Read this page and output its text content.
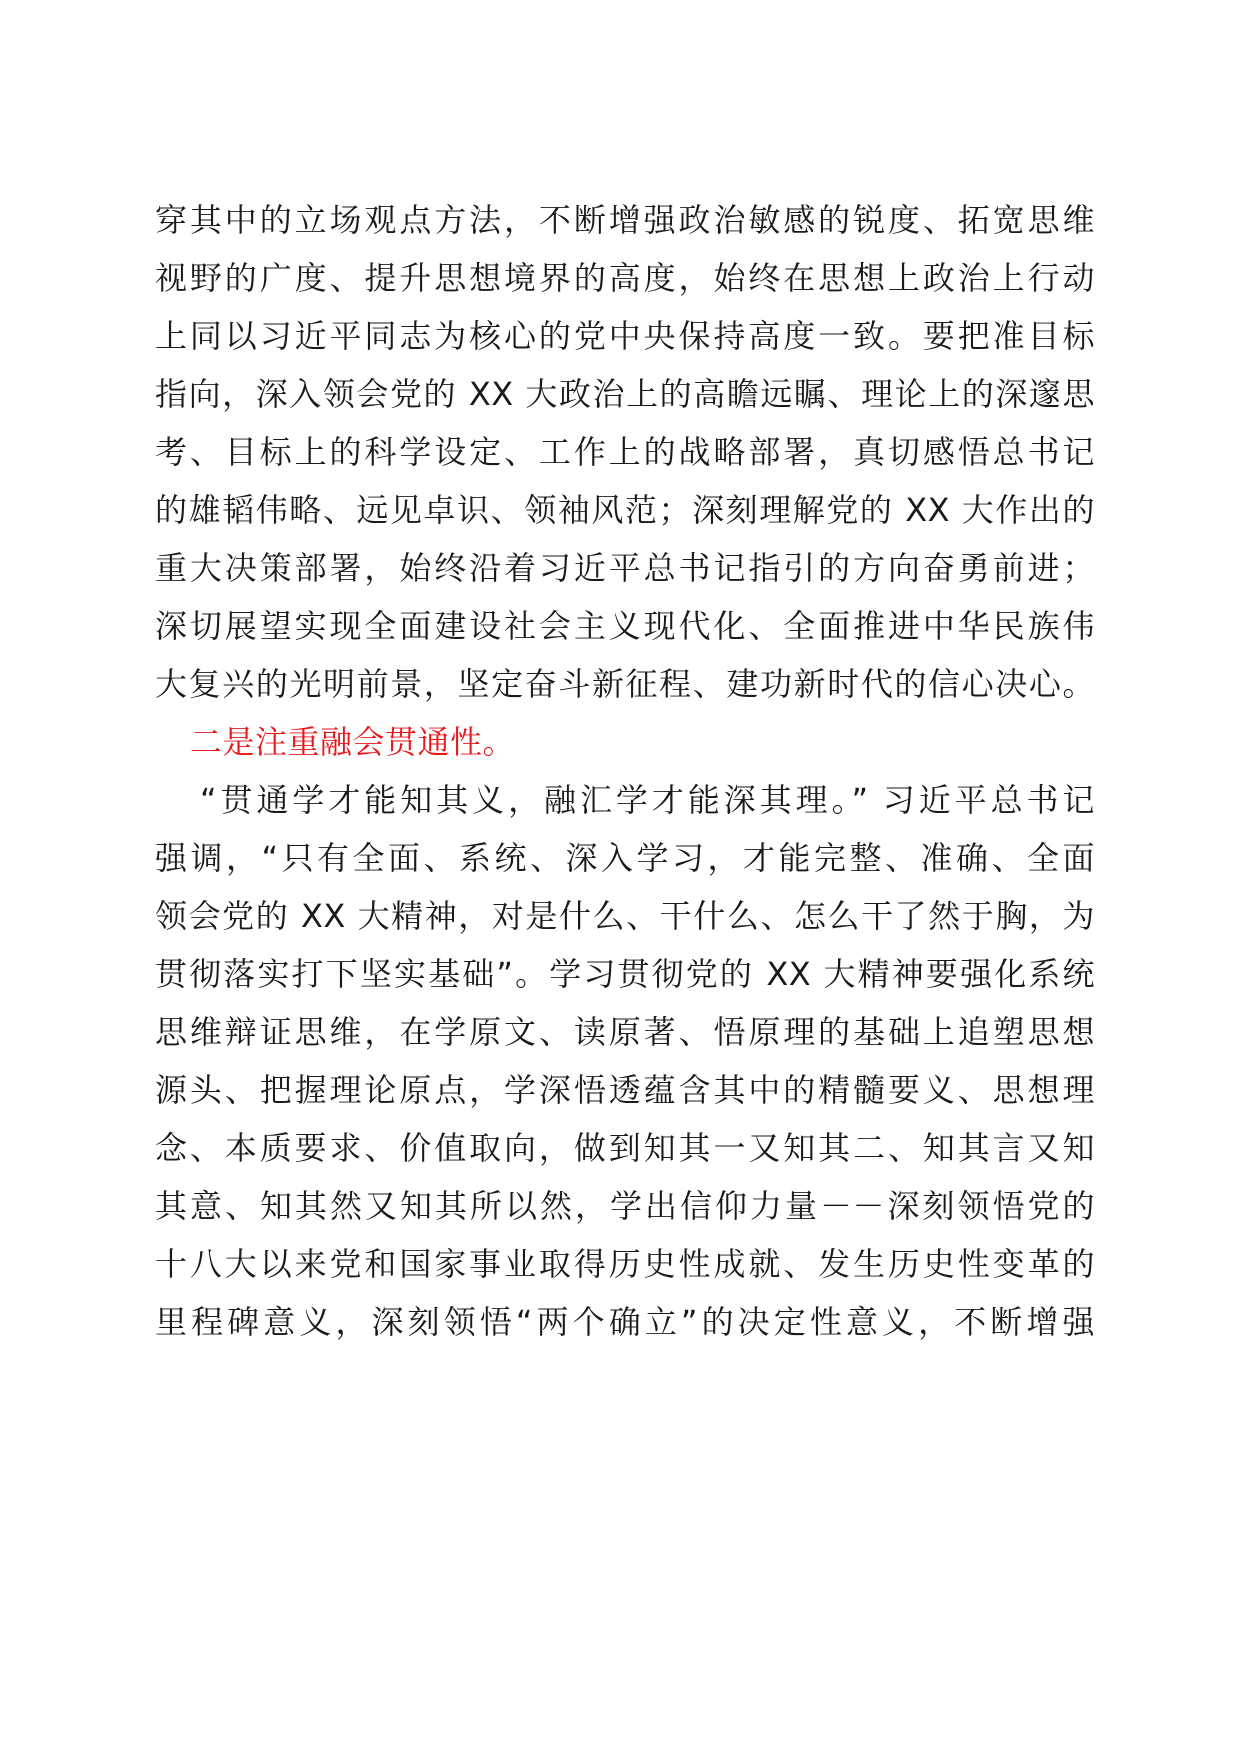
穿其中的立场观点方法，不断增强政治敏感的锐度、拓宽思维
视野的广度、提升思想境界的高度，始终在思想上政治上行动
上同以习近平同志为核心的党中央保持高度一致。要把准目标
指向，深入领会党的 XX 大政治上的高瞻远瞩、理论上的深邃思
考、目标上的科学设定、工作上的战略部署，真切感悟总书记
的雄韬伟略、远见卓识、领袖风范；深刻理解党的 XX 大作出的
重大决策部署，始终沿着习近平总书记指引的方向奋勇前进；
深切展望实现全面建设社会主义现代化、全面推进中华民族伟
大复兴的光明前景，坚定奋斗新征程、建功新时代的信心决心。
二是注重融会贯通性。
“贯通学才能知其义，融汇学才能深其理。” 习近平总书记
强调，“只有全面、系统、深入学习，才能完整、准确、全面
领会党的 XX 大精神，对是什么、干什么、怎么干了然于胸，为
贯彻落实打下坚实基础”。学习贯彻党的 XX 大精神要强化系统
思维辩证思维，在学原文、读原著、悟原理的基础上追塑思想
源头、把握理论原点，学深悟透蕴含其中的精髓要义、思想理
念、本质要求、价值取向，做到知其一又知其二、知其言又知
其意、知其然又知其所以然，学出信仰力量－－深刻领悟党的
十八大以来党和国家事业取得历史性成就、发生历史性变革的
里程碑意义，深刻领悟“两个确立”的决定性意义，不断增强
